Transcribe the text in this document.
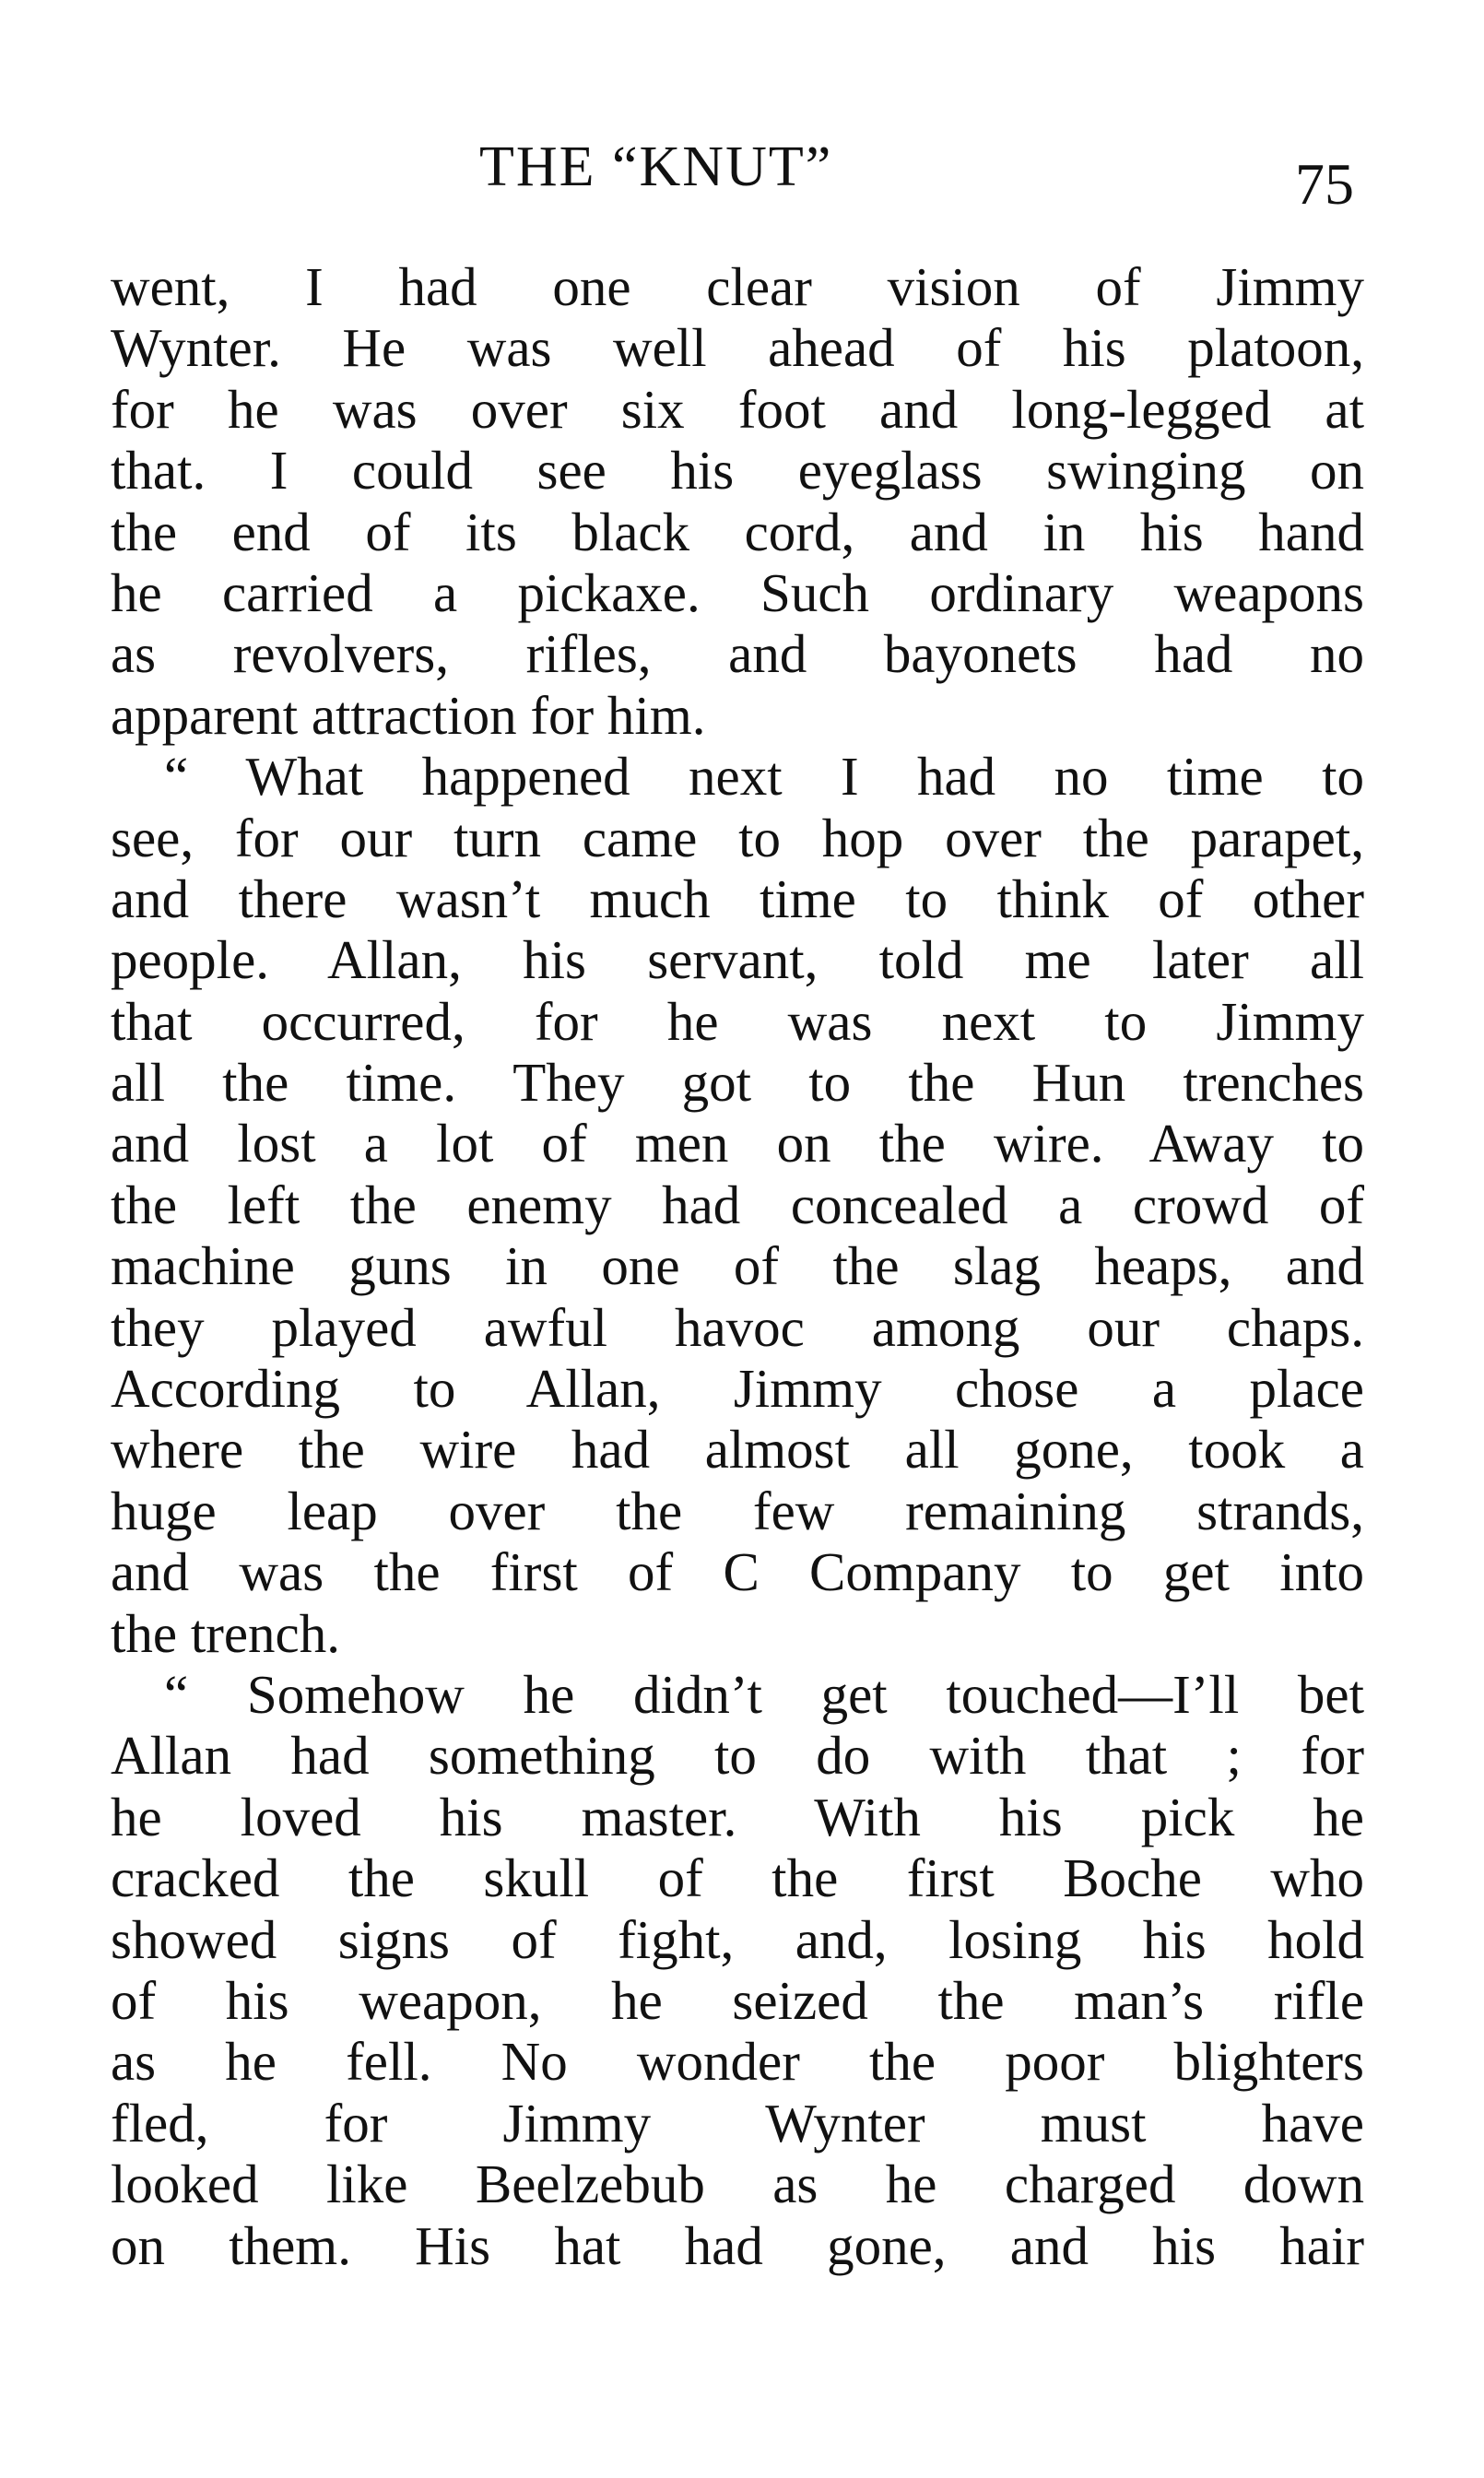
THE “KNUT”	75
went, I had one clear vision of Jimmy
Wynter. He was well ahead of his platoon,
for he was over six foot and long-legged at
that. I could see his eyeglass swinging on
the end of its black cord, and in his hand
he carried a pickaxe. Such ordinary weapons
as revolvers, rifles, and bayonets had no
apparent attraction for him.
“ What happened next I had no time to
see, for our turn came to hop over the parapet,
and there wasn’t much time to think of other
people. Allan, his servant, told me later all
that occurred, for he was next to Jimmy
all the time. They got to the Hun trenches
and lost a lot of men on the wire. Away to
the left the enemy had concealed a crowd of
machine guns in one of the slag heaps, and
they played awful havoc among our chaps.
According to Allan, Jimmy chose a place
where the wire had almost all gone, took a
huge leap over the few remaining strands,
and was the first of C Company to get into
the trench.
“ Somehow he didn’t get touched—I’ll bet
Allan had something to do with that ; for
he loved his master. With his pick he
cracked the skull of the first Boche who
showed signs of fight, and, losing his hold
of his weapon, he seized the man’s rifle
as he fell. No wonder the poor blighters
fled, for Jimmy Wynter must have
looked like Beelzebub as he charged down
on them. His hat had gone, and his hair
